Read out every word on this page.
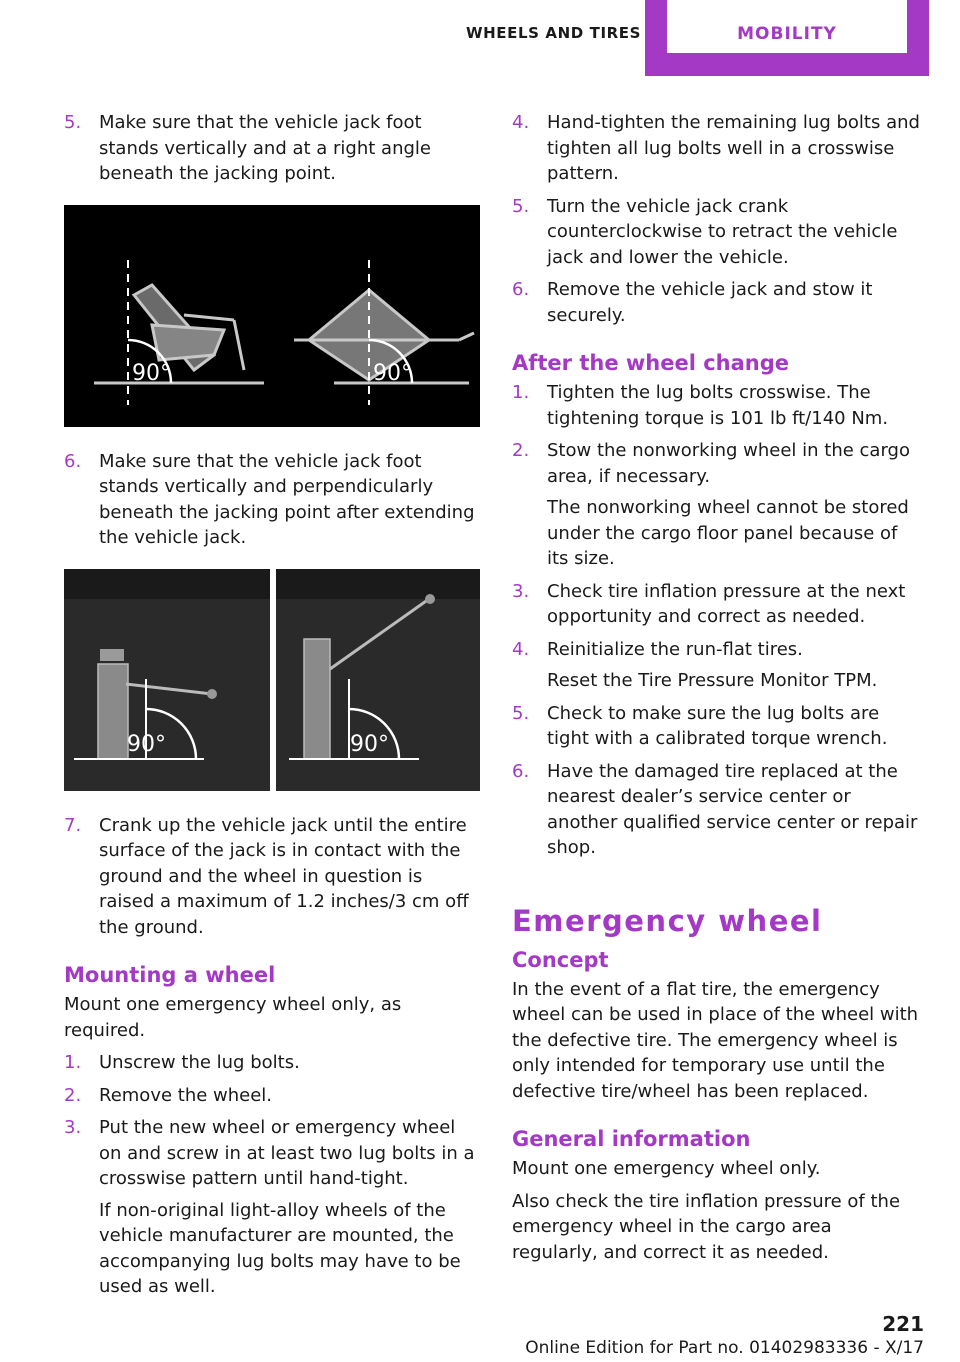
WHEELS AND TIRES	MOBILITY
5. Make sure that the vehicle jack foot stands vertically and at a right angle beneath the jacking point.

90°	90°
6. Make sure that the vehicle jack foot stands vertically and perpendicularly beneath the jacking point after extending the vehicle jack.

90°	90°
7. Crank up the vehicle jack until the entire surface of the jack is in contact with the ground and the wheel in question is raised a maximum of 1.2 inches/3 cm off the ground.

Mounting a wheel

Mount one emergency wheel only, as required.

1. Unscrew the lug bolts.

2. Remove the wheel.

3. Put the new wheel or emergency wheel on and screw in at least two lug bolts in a crosswise pattern until hand-tight.

If non-original light-alloy wheels of the vehicle manufacturer are mounted, the accompanying lug bolts may have to be used as well.

4. Hand-tighten the remaining lug bolts and tighten all lug bolts well in a crosswise pattern.

5. Turn the vehicle jack crank counterclockwise to retract the vehicle jack and lower the vehicle.

6. Remove the vehicle jack and stow it securely.

After the wheel change
1. Tighten the lug bolts crosswise. The tightening torque is 101 lb ft/140 Nm.

2. Stow the nonworking wheel in the cargo area, if necessary.

The nonworking wheel cannot be stored under the cargo floor panel because of its size.

3. Check tire inflation pressure at the next opportunity and correct as needed.

4. Reinitialize the run-flat tires.

Reset the Tire Pressure Monitor TPM.

5. Check to make sure the lug bolts are tight with a calibrated torque wrench.

6. Have the damaged tire replaced at the nearest dealer’s service center or another qualified service center or repair shop.

Emergency wheel
Concept

In the event of a flat tire, the emergency wheel can be used in place of the wheel with the defective tire. The emergency wheel is only intended for temporary use until the defective tire/wheel has been replaced.

General information

Mount one emergency wheel only.

Also check the tire inflation pressure of the emergency wheel in the cargo area regularly, and correct it as needed.

221
Online Edition for Part no. 01402983336 - X/17
